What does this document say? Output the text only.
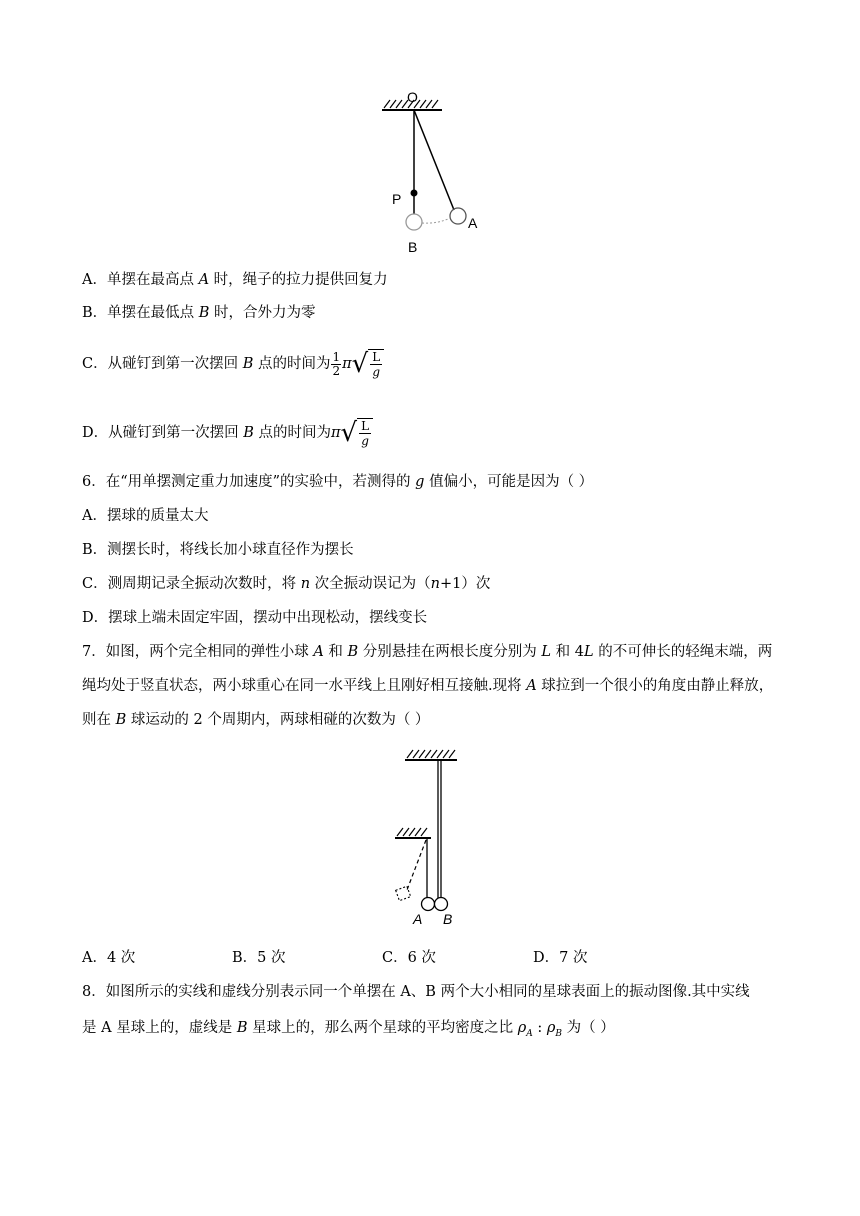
O
P
A
B
A．单摆在最高点 A 时，绳子的拉力提供回复力
B．单摆在最低点 B 时，合外力为零
C．从碰钉到第一次摆回 B 点的时间为 $\frac{1}{2}$ π √ L
g
D．从碰钉到第一次摆回 B 点的时间为π √ L
g
6．在“用单摆测定重力加速度”的实验中，若测得的 g 值偏小，可能是因为（ ）
A．摆球的质量太大
B．测摆长时，将线长加小球直径作为摆长
C．测周期记录全振动次数时，将 n 次全振动误记为（n+1）次
D．摆球上端未固定牢固，摆动中出现松动，摆线变长
7．如图，两个完全相同的弹性小球 A 和 B 分别悬挂在两根长度分别为 L 和 4L 的不可伸长的轻绳末端，两
绳均处于竖直状态，两小球重心在同一水平线上且刚好相互接触.现将 A 球拉到一个很小的角度由静止释放，
则在 B 球运动的 2 个周期内，两球相碰的次数为（ ）
A B
A．4 次	B．5 次	C．6 次	D．7 次
8．如图所示的实线和虚线分别表示同一个单摆在 A、B 两个大小相同的星球表面上的振动图像.其中实线
是 A 星球上的，虚线是 B 星球上的，那么两个星球的平均密度之比 $\rho_A$ : $\rho_B$ 为（ ）
